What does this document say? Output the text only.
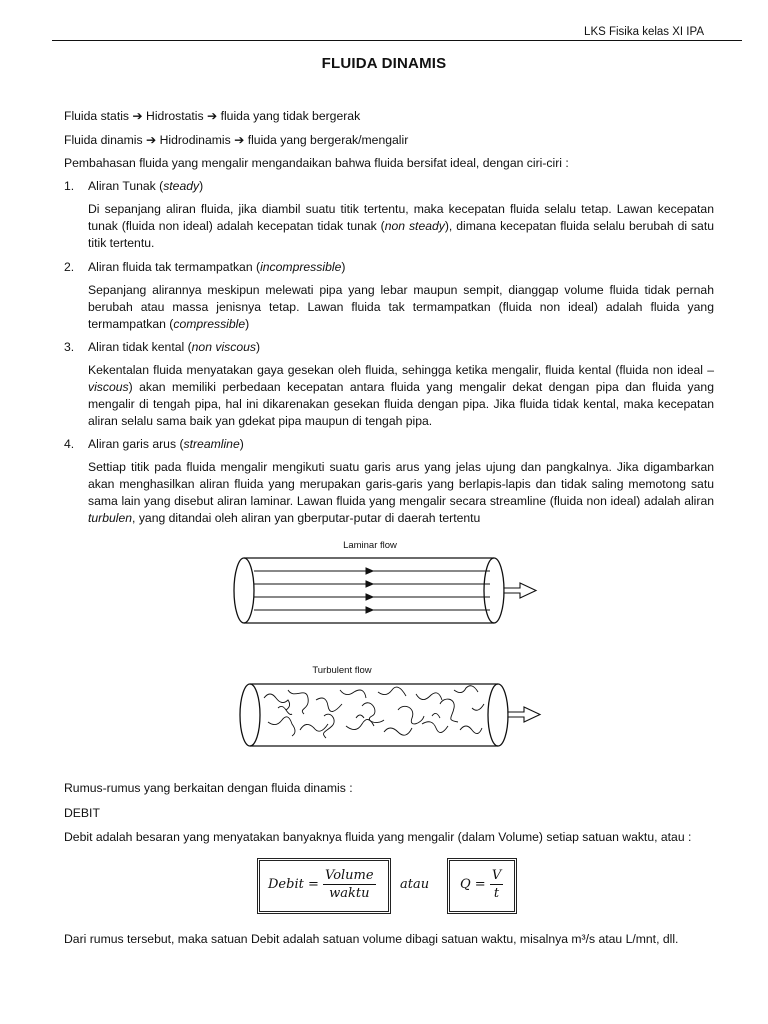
LKS Fisika kelas XI IPA
FLUIDA DINAMIS
Fluida statis ➔ Hidrostatis ➔ fluida yang tidak bergerak
Fluida dinamis ➔ Hidrodinamis ➔ fluida yang bergerak/mengalir
Pembahasan fluida yang mengalir mengandaikan bahwa fluida bersifat ideal, dengan ciri-ciri :
1.	Aliran Tunak (steady)
Di sepanjang aliran fluida, jika diambil suatu titik tertentu, maka kecepatan fluida selalu tetap. Lawan kecepatan tunak (fluida non ideal) adalah kecepatan tidak tunak (non steady), dimana kecepatan fluida selalu berubah di satu titik tertentu.
2.	Aliran fluida tak termampatkan (incompressible)
Sepanjang alirannya meskipun melewati pipa yang lebar maupun sempit, dianggap volume fluida tidak pernah berubah atau massa jenisnya tetap. Lawan fluida tak termampatkan (fluida non ideal) adalah fluida yang termampatkan (compressible)
3.	Aliran tidak kental (non viscous)
Kekentalan fluida menyatakan gaya gesekan oleh fluida, sehingga ketika mengalir, fluida kental (fluida non ideal – viscous) akan memiliki perbedaan kecepatan antara fluida yang mengalir dekat dengan pipa dan fluida yang mengalir di tengah pipa, hal ini dikarenakan gesekan fluida dengan pipa. Jika fluida tidak kental, maka kecepatan aliran selalu sama baik yan gdekat pipa maupun di tengah pipa.
4.	Aliran garis arus (streamline)
Settiap titik pada fluida mengalir mengikuti suatu garis arus yang jelas ujung dan pangkalnya. Jika digambarkan akan menghasilkan aliran fluida yang merupakan garis-garis yang berlapis-lapis dan tidak saling memotong satu sama lain yang disebut aliran laminar. Lawan fluida yang mengalir secara streamline (fluida non ideal) adalah aliran turbulen, yang ditandai oleh aliran yan gberputar-putar di daerah tertentu
Laminar flow
Turbulent flow
Rumus-rumus yang berkaitan dengan fluida dinamis :
DEBIT
Debit adalah besaran yang menyatakan banyaknya fluida yang mengalir (dalam Volume) setiap satuan waktu, atau :
Debit = $\frac{\text{Volume}}{\text{waktu}}$ atau $Q = \frac{V}{t}$
Dari rumus tersebut, maka satuan Debit adalah satuan volume dibagi satuan waktu, misalnya m³/s atau L/mnt, dll.
